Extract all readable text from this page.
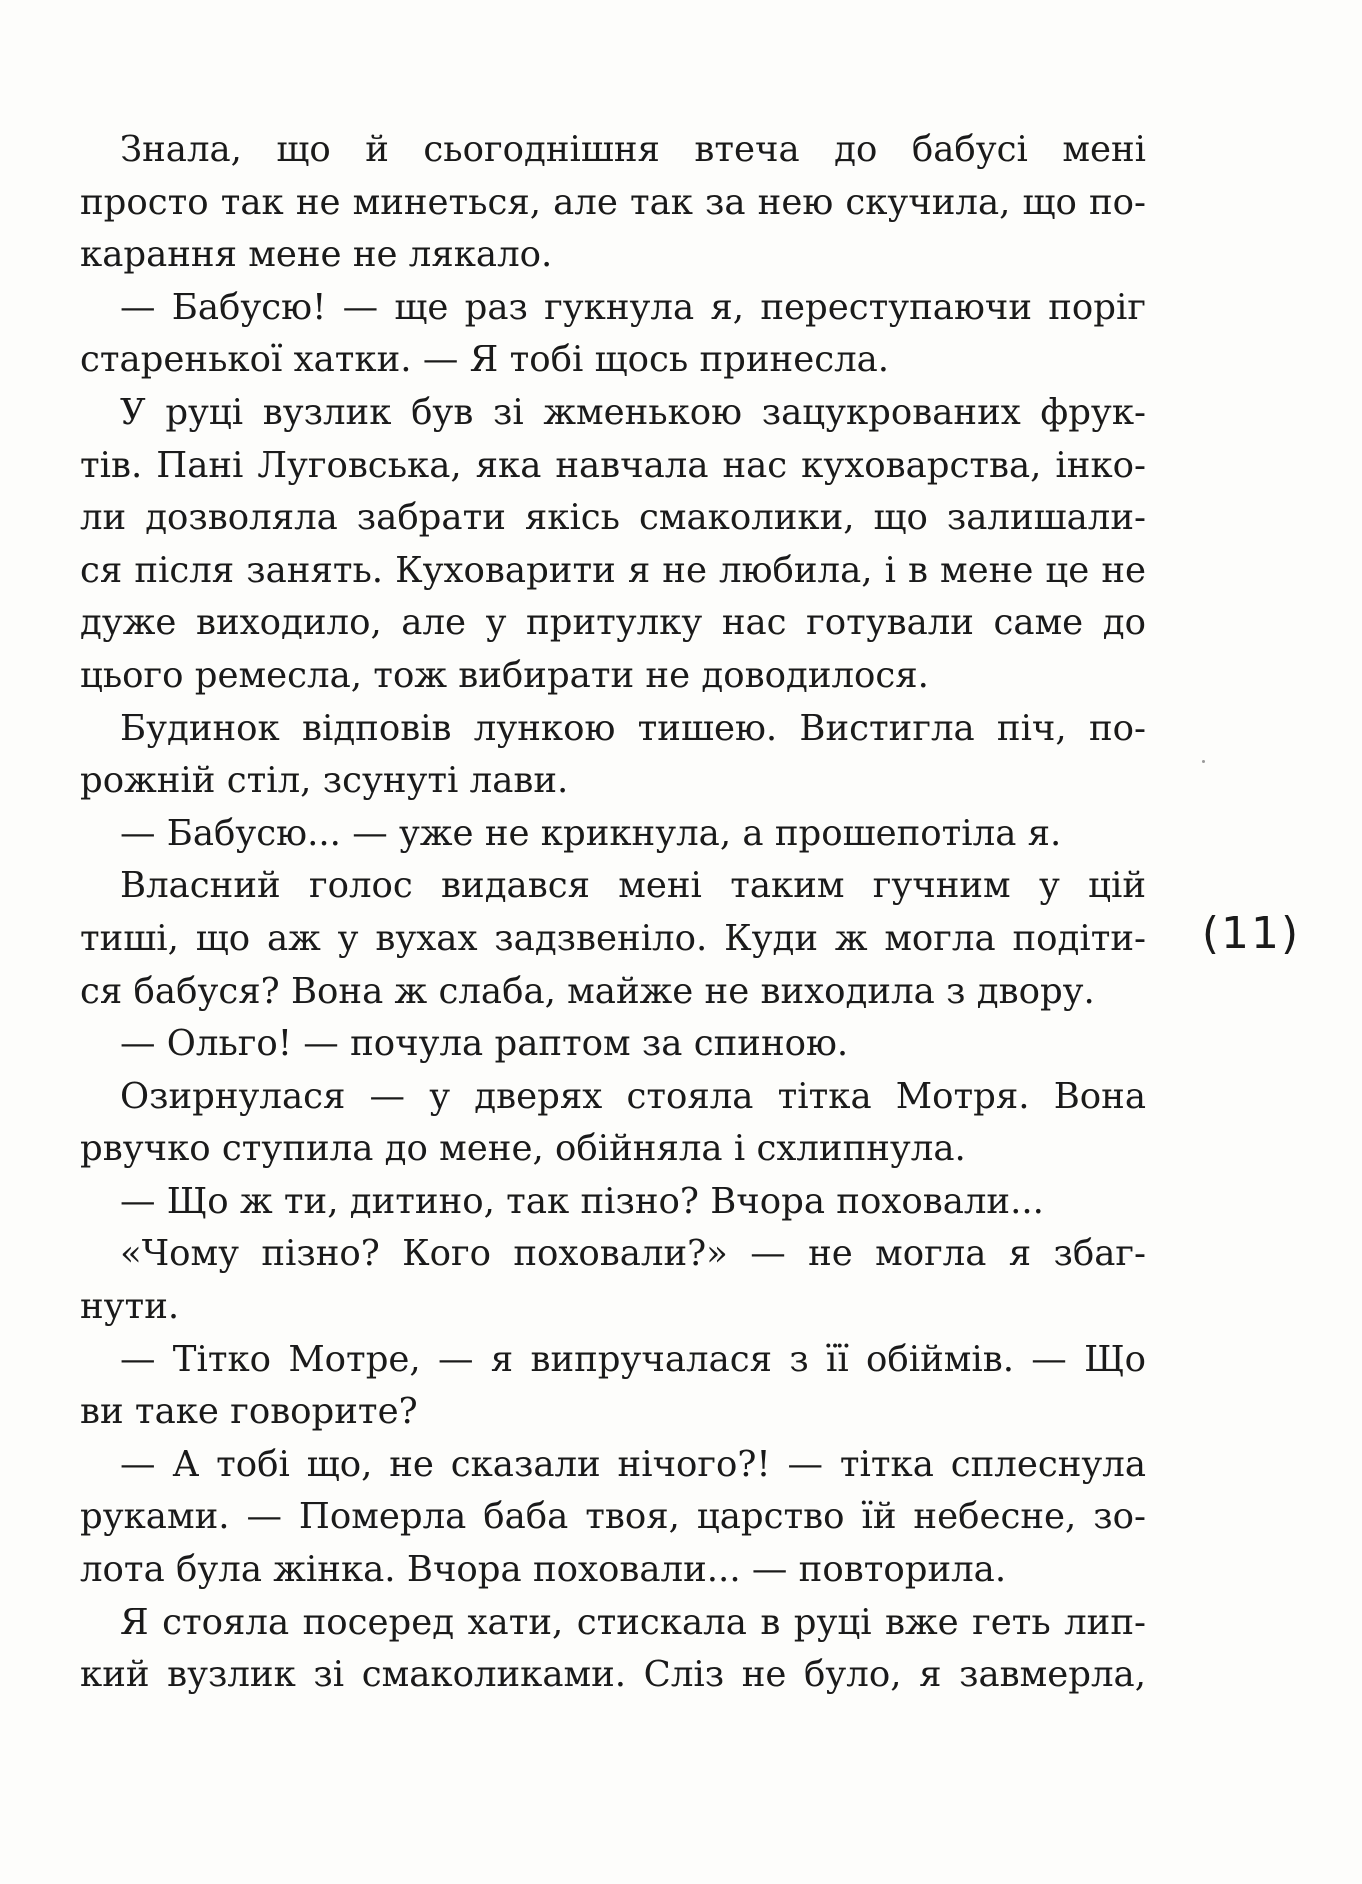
Знала, що й сьогоднішня втеча до бабусі мені
просто так не минеться, але так за нею скучила, що по-
карання мене не лякало.
— Бабусю! — ще раз гукнула я, переступаючи поріг
старенької хатки. — Я тобі щось принесла.
У руці вузлик був зі жменькою зацукрованих фрук-
тів. Пані Луговська, яка навчала нас куховарства, інко-
ли дозволяла забрати якісь смаколики, що залишали-
ся після занять. Куховарити я не любила, і в мене це не
дуже виходило, але у притулку нас готували саме до
цього ремесла, тож вибирати не доводилося.
Будинок відповів лункою тишею. Вистигла піч, по-
рожній стіл, зсунуті лави.
— Бабусю... — уже не крикнула, а прошепотіла я.
Власний голос видався мені таким гучним у цій
тиші, що аж у вухах задзвеніло. Куди ж могла подіти-
ся бабуся? Вона ж слаба, майже не виходила з двору.
— Ольго! — почула раптом за спиною.
Озирнулася — у дверях стояла тітка Мотря. Вона
рвучко ступила до мене, обійняла і схлипнула.
— Що ж ти, дитино, так пізно? Вчора поховали...
«Чому пізно? Кого поховали?» — не могла я збаг-
нути.
— Тітко Мотре, — я випручалася з її обіймів. — Що
ви таке говорите?
— А тобі що, не сказали нічого?! — тітка сплеснула
руками. — Померла баба твоя, царство їй небесне, зо-
лота була жінка. Вчора поховали... — повторила.
Я стояла посеред хати, стискала в руці вже геть лип-
кий вузлик зі смаколиками. Сліз не було, я завмерла,
(11)
